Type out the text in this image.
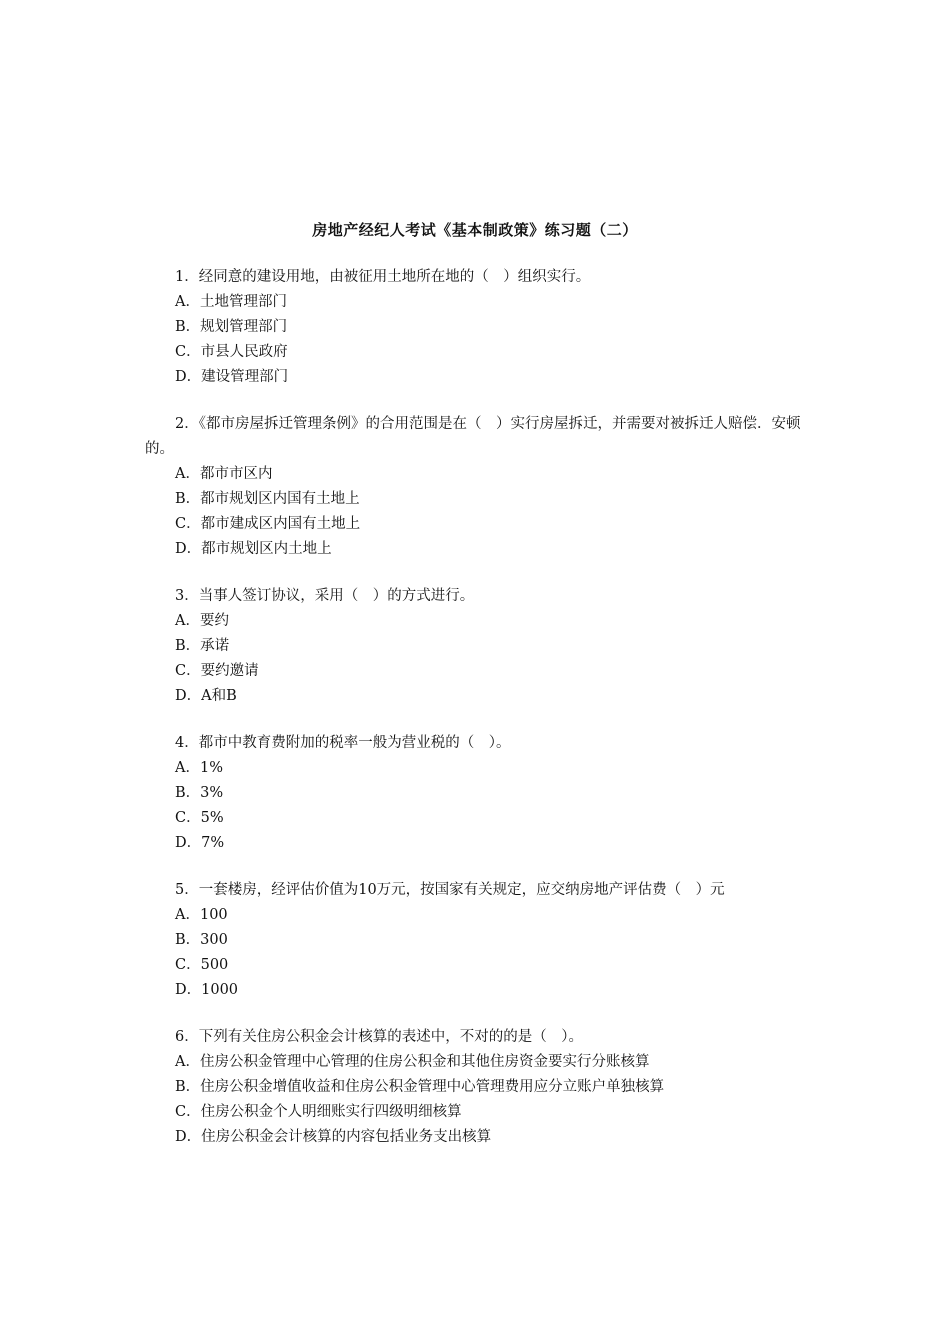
房地产经纪人考试《基本制政策》练习题（二）

1．经同意的建设用地，由被征用土地所在地的（　）组织实行。

A．土地管理部门

B．规划管理部门

C．市县人民政府

D．建设管理部门

2．《都市房屋拆迁管理条例》的合用范围是在（　）实行房屋拆迁，并需要对被拆迁人赔偿．安顿的。

A．都市市区内

B．都市规划区内国有土地上

C．都市建成区内国有土地上

D．都市规划区内土地上

3．当事人签订协议，采用（　）的方式进行。

A．要约

B．承诺

C．要约邀请

D．A和B

4．都市中教育费附加的税率一般为营业税的（　）。

A．1%

B．3%

C．5%

D．7%

5．一套楼房，经评估价值为10万元，按国家有关规定，应交纳房地产评估费（　）元

A．100

B．300

C．500

D．1000

6．下列有关住房公积金会计核算的表述中，不对的的是（　）。

A．住房公积金管理中心管理的住房公积金和其他住房资金要实行分账核算

B．住房公积金增值收益和住房公积金管理中心管理费用应分立账户单独核算

C．住房公积金个人明细账实行四级明细核算

D．住房公积金会计核算的内容包括业务支出核算
